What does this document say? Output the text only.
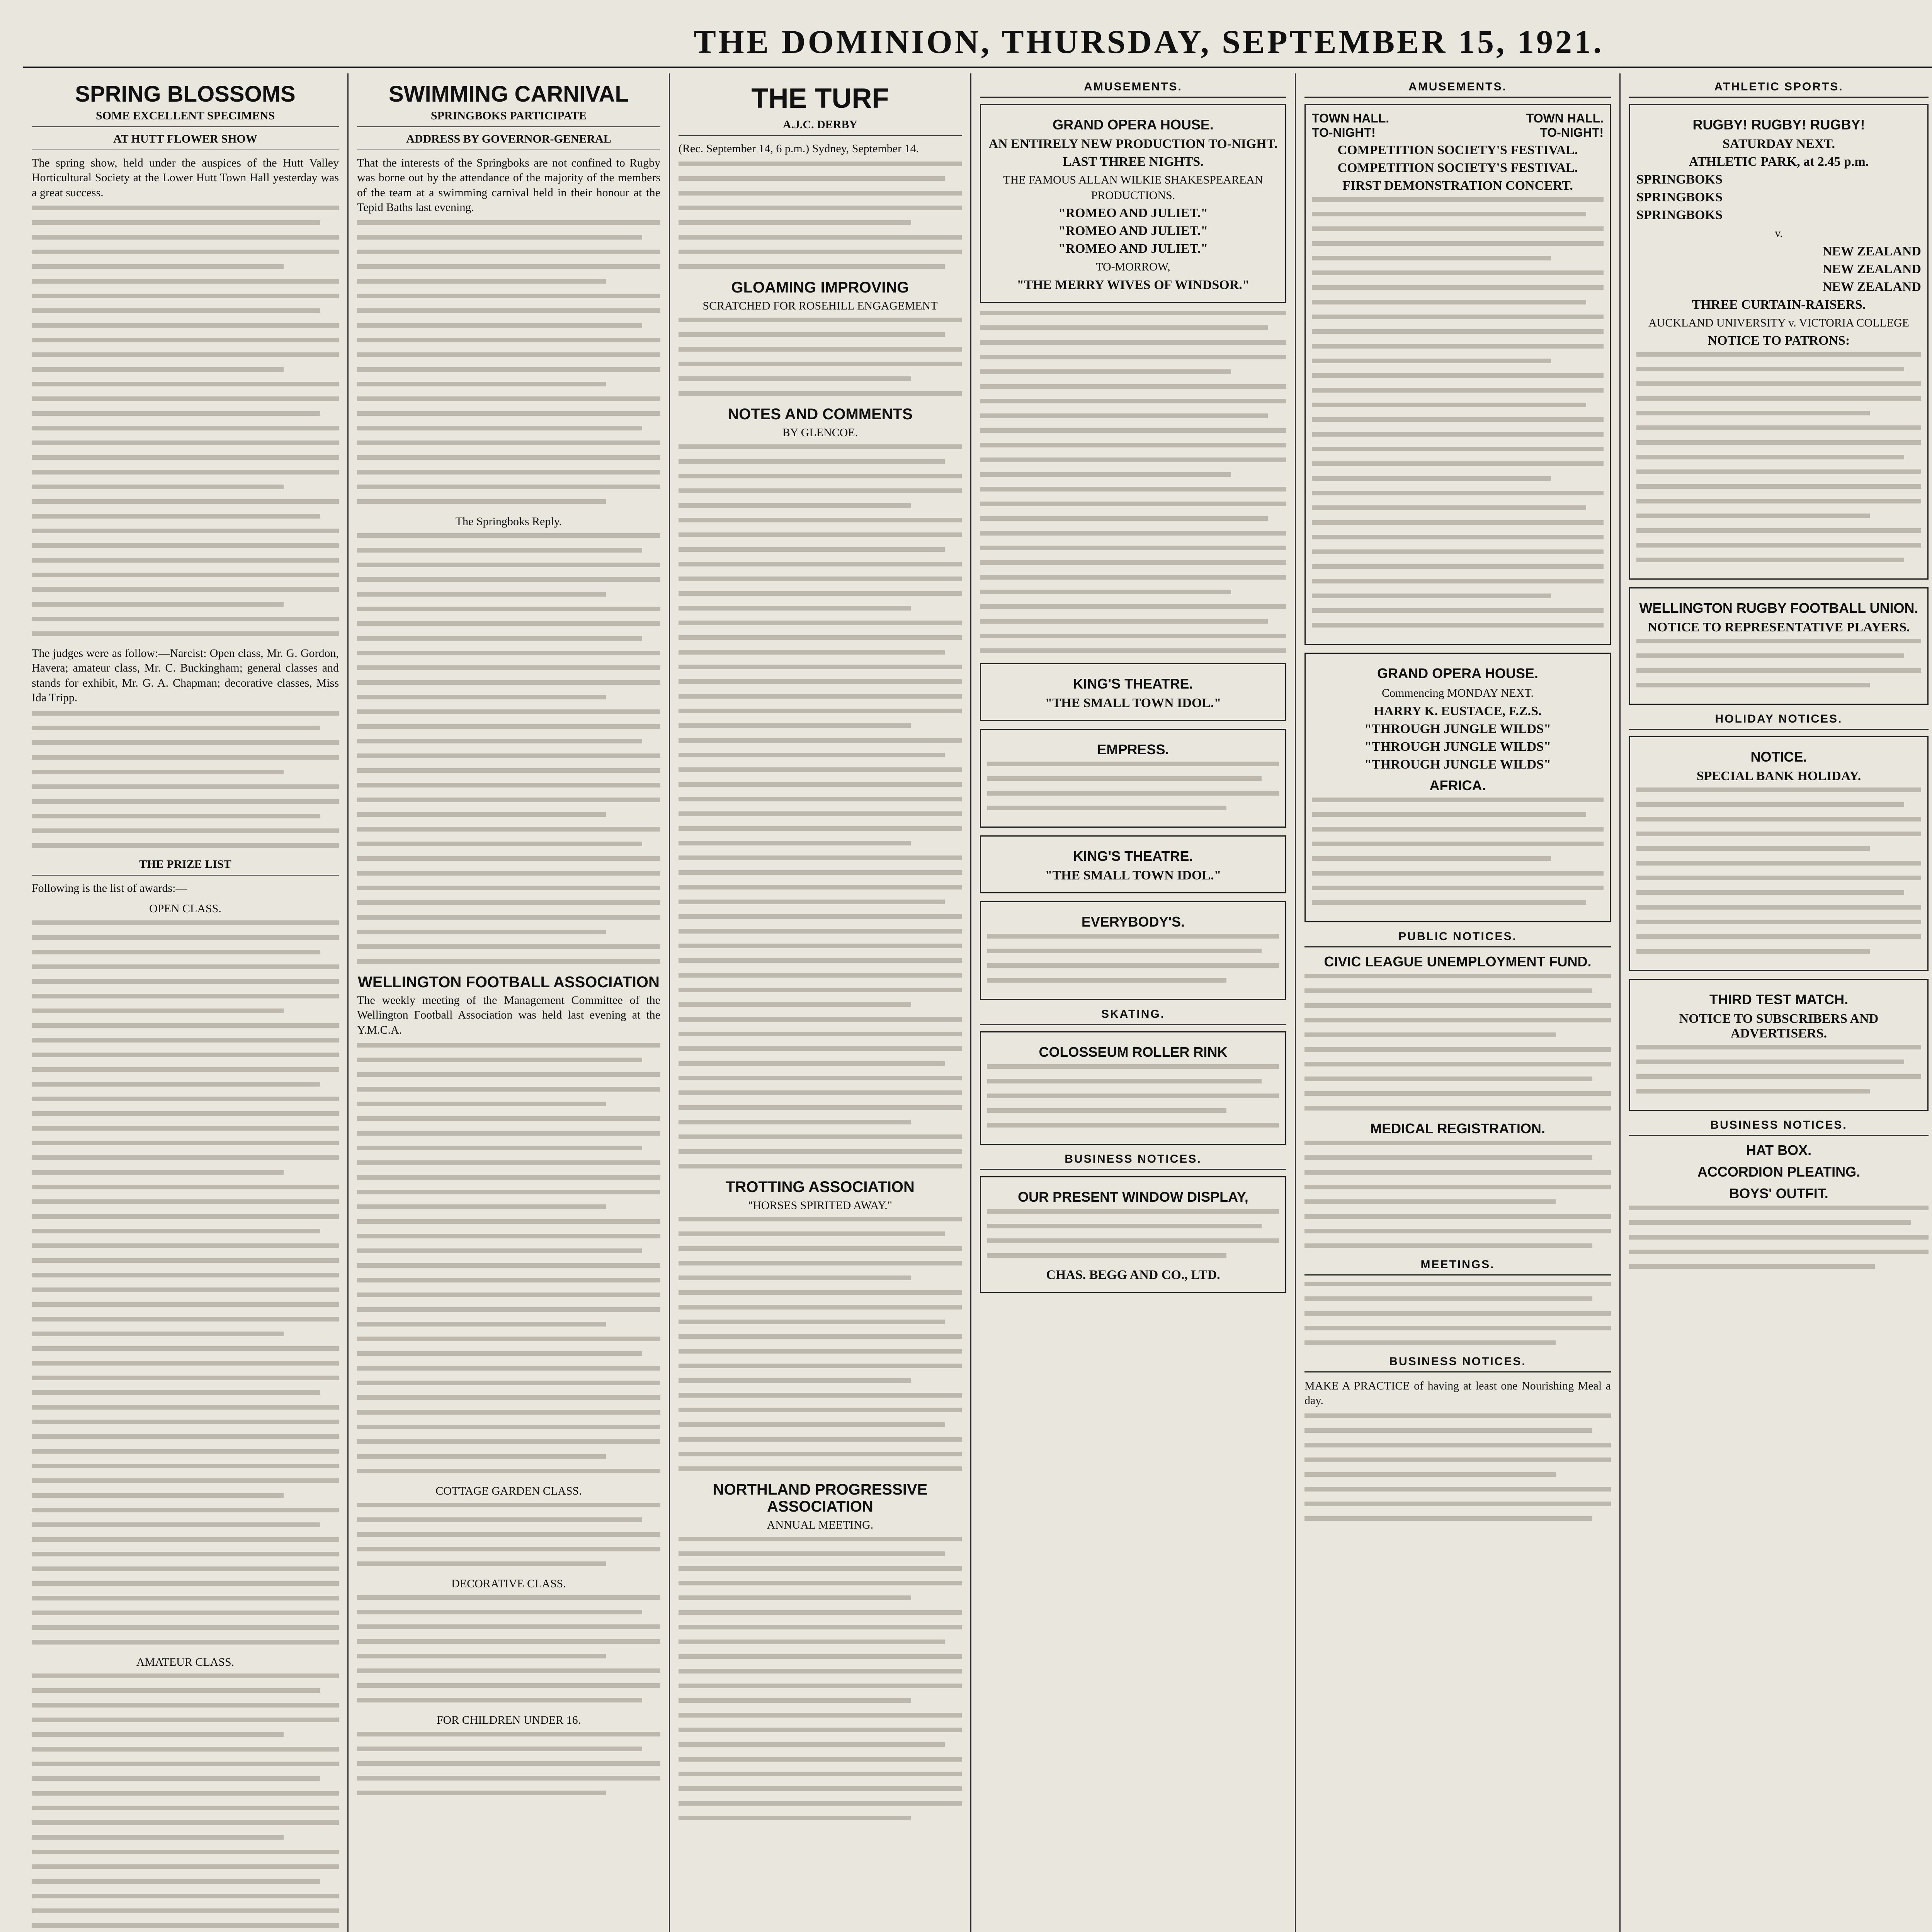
THE DOMINION, THURSDAY, SEPTEMBER 15, 1921.
SPRING BLOSSOMS
SOME EXCELLENT SPECIMENS
AT HUTT FLOWER SHOW

The spring show, held under the auspices of the Hutt Valley Horticultural Society at the Lower Hutt Town Hall yesterday was a great success.

The judges were as follow:—Narcist: Open class, Mr. G. Gordon, Havera; amateur class, Mr. C. Buckingham; general classes and stands for exhibit, Mr. G. A. Chapman; decorative classes, Miss Ida Tripp.

THE PRIZE LIST

Following is the list of awards:—

OPEN CLASS.
AMATEUR CLASS.
SWIMMING CARNIVAL
SPRINGBOKS PARTICIPATE
ADDRESS BY GOVERNOR-GENERAL

That the interests of the Springboks are not confined to Rugby was borne out by the attendance of the majority of the members of the team at a swimming carnival held in their honour at the Tepid Baths last evening.

The Springboks Reply.
WELLINGTON FOOTBALL ASSOCIATION

The weekly meeting of the Management Committee of the Wellington Football Association was held last evening at the Y.M.C.A.

COTTAGE GARDEN CLASS.
DECORATIVE CLASS.
FOR CHILDREN UNDER 16.
THE TURF
A.J.C. DERBY

(Rec. September 14, 6 p.m.) Sydney, September 14.

GLOAMING IMPROVING
SCRATCHED FOR ROSEHILL ENGAGEMENT
NOTES AND COMMENTS
BY GLENCOE.
TROTTING ASSOCIATION
"HORSES SPIRITED AWAY."
NORTHLAND PROGRESSIVE ASSOCIATION
ANNUAL MEETING.
AMUSEMENTS.
GRAND OPERA HOUSE.
AN ENTIRELY NEW PRODUCTION TO-NIGHT.
LAST THREE NIGHTS.
THE FAMOUS ALLAN WILKIE SHAKESPEAREAN PRODUCTIONS.
"ROMEO AND JULIET."
"ROMEO AND JULIET."
"ROMEO AND JULIET."
TO-MORROW,
"THE MERRY WIVES OF WINDSOR."
KING'S THEATRE.
"THE SMALL TOWN IDOL."
EMPRESS.
KING'S THEATRE.
"THE SMALL TOWN IDOL."
EVERYBODY'S.
SKATING.
COLOSSEUM ROLLER RINK
BUSINESS NOTICES.
OUR PRESENT WINDOW DISPLAY,
CHAS. BEGG AND CO., LTD.
AMUSEMENTS.
TOWN HALL.	TOWN HALL.
TO-NIGHT!	TO-NIGHT!
COMPETITION SOCIETY'S FESTIVAL.
COMPETITION SOCIETY'S FESTIVAL.
FIRST DEMONSTRATION CONCERT.
GRAND OPERA HOUSE.
Commencing MONDAY NEXT.
HARRY K. EUSTACE, F.Z.S.
"THROUGH JUNGLE WILDS"
"THROUGH JUNGLE WILDS"
"THROUGH JUNGLE WILDS"
AFRICA.
PUBLIC NOTICES.
CIVIC LEAGUE UNEMPLOYMENT FUND.
MEDICAL REGISTRATION.
MEETINGS.
BUSINESS NOTICES.

MAKE A PRACTICE of having at least one Nourishing Meal a day.

ATHLETIC SPORTS.
RUGBY! RUGBY! RUGBY!
SATURDAY NEXT.
ATHLETIC PARK, at 2.45 p.m.
SPRINGBOKS
SPRINGBOKS
SPRINGBOKS
v.
NEW ZEALAND
NEW ZEALAND
NEW ZEALAND
THREE CURTAIN-RAISERS.
AUCKLAND UNIVERSITY v. VICTORIA COLLEGE
NOTICE TO PATRONS:
WELLINGTON RUGBY FOOTBALL UNION.
NOTICE TO REPRESENTATIVE PLAYERS.
HOLIDAY NOTICES.
NOTICE.
SPECIAL BANK HOLIDAY.
THIRD TEST MATCH.
NOTICE TO SUBSCRIBERS AND ADVERTISERS.
BUSINESS NOTICES.
HAT BOX.
ACCORDION PLEATING.
BOYS' OUTFIT.
